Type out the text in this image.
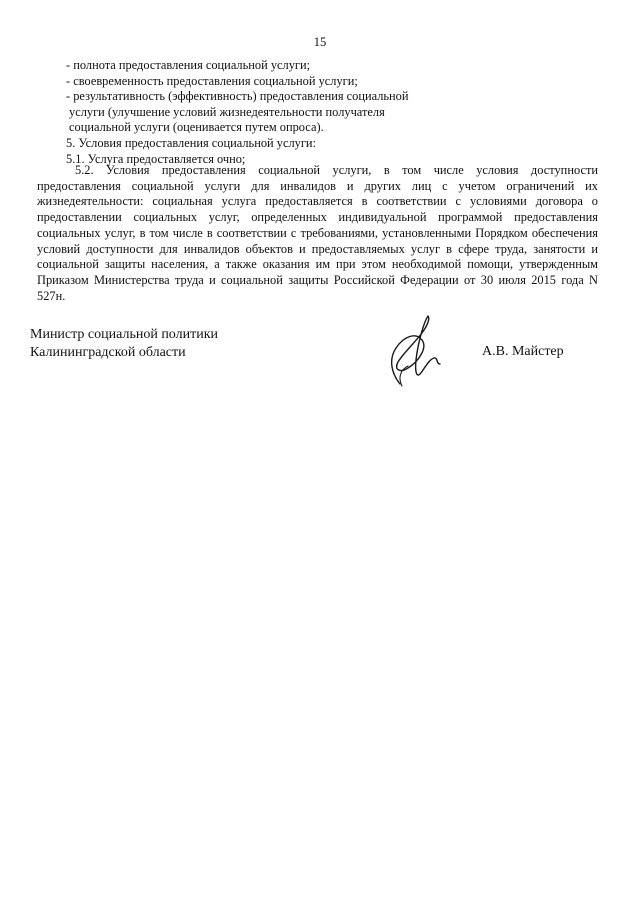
15
- полнота предоставления социальной услуги;
- своевременность предоставления социальной услуги;
- результативность (эффективность) предоставления социальной
услуги (улучшение условий жизнедеятельности получателя
социальной услуги (оценивается путем опроса).
5. Условия предоставления социальной услуги:
5.1. Услуга предоставляется очно;
5.2. Условия предоставления социальной услуги, в том числе условия доступности предоставления социальной услуги для инвалидов и других лиц с учетом ограничений их жизнедеятельности: социальная услуга предоставляется в соответствии с условиями договора о предоставлении социальных услуг, определенных индивидуальной программой предоставления социальных услуг, в том числе в соответствии с требованиями, установленными Порядком обеспечения условий доступности для инвалидов объектов и предоставляемых услуг в сфере труда, занятости и социальной защиты населения, а также оказания им при этом необходимой помощи, утвержденным Приказом Министерства труда и социальной защиты Российской Федерации от 30 июля 2015 года N 527н.
Министр социальной политики
Калининградской области	А.В. Майстер
